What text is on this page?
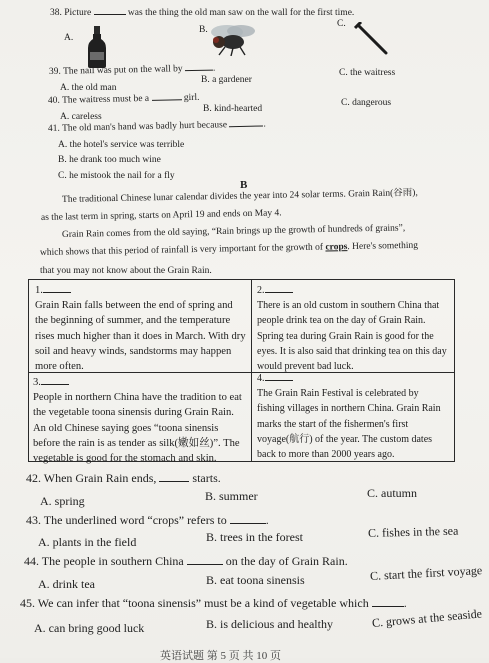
38. Picture	was the thing the old man saw on the wall for the first time.
A.
B.
C.
39. The nail was put on the wall by	.
A. the old man
B. a gardener
C. the waitress
40. The waitress must be a	girl.
A. careless
B. kind-hearted
C. dangerous
41. The old man's hand was badly hurt because	.
A. the hotel's service was terrible
B. he drank too much wine
C. he mistook the nail for a fly
B
The traditional Chinese lunar calendar divides the year into 24 solar terms. Grain Rain(谷雨),
as the last term in spring, starts on April 19 and ends on May 4.
Grain Rain comes from the old saying, “Rain brings up the growth of hundreds of grains”,
which shows that this period of rainfall is very important for the growth of crops. Here's something
that you may not know about the Grain Rain.
1.
Grain Rain falls between the end of spring and
the beginning of summer, and the temperature
rises much higher than it does in March. With dry
soil and heavy winds, sandstorms may happen
more often.
2.
There is an old custom in southern China that
people drink tea on the day of Grain Rain.
Spring tea during Grain Rain is good for the
eyes. It is also said that drinking tea on this day
would prevent bad luck.
3.
People in northern China have the tradition to eat
the vegetable toona sinensis during Grain Rain.
An old Chinese saying goes “toona sinensis
before the rain is as tender as silk(嫩如丝)”. The
vegetable is good for the stomach and skin.
4.
The Grain Rain Festival is celebrated by
fishing villages in northern China. Grain Rain
marks the start of the fishermen's first
voyage(航行) of the year. The custom dates
back to more than 2000 years ago.
42. When Grain Rain ends,	starts.
A. spring	B. summer	C. autumn
43. The underlined word “crops” refers to	.
A. plants in the field	B. trees in the forest	C. fishes in the sea
44. The people in southern China	on the day of Grain Rain.
A. drink tea	B. eat toona sinensis	C. start the first voyage
45. We can infer that “toona sinensis” must be a kind of vegetable which	.
A. can bring good luck	B. is delicious and healthy	C. grows at the seaside
英语试题 第 5 页 共 10 页
